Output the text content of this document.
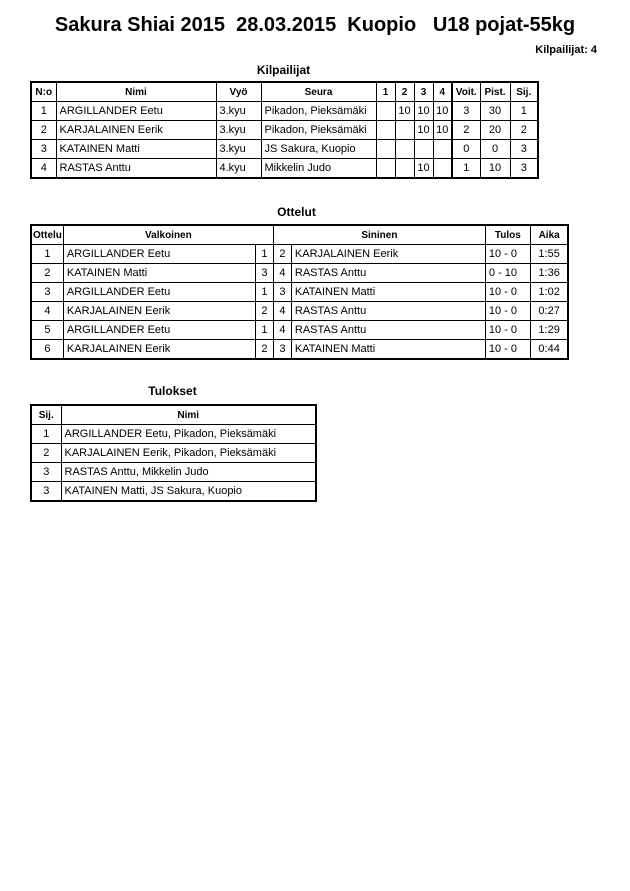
Sakura Shiai 2015  28.03.2015  Kuopio   U18 pojat-55kg
Kilpailijat: 4
Kilpailijat
N:o	Nimi	Vyö	Seura	1	2	3	4	Voit.	Pist.	Sij.
1	ARGILLANDER Eetu	3.kyu	Pikadon, Pieksämäki		10	10	10	3	30	1
2	KARJALAINEN Eerik	3.kyu	Pikadon, Pieksämäki			10	10	2	20	2
3	KATAINEN Matti	3.kyu	JS Sakura, Kuopio					0	0	3
4	RASTAS Anttu	4.kyu	Mikkelin Judo			10		1	10	3
Ottelut
Ottelu	Valkoinen		Sininen		Tulos	Aika
1	ARGILLANDER Eetu	1	2	KARJALAINEN Eerik	10 - 0	1:55
2	KATAINEN Matti	3	4	RASTAS Anttu	0 - 10	1:36
3	ARGILLANDER Eetu	1	3	KATAINEN Matti	10 - 0	1:02
4	KARJALAINEN Eerik	2	4	RASTAS Anttu	10 - 0	0:27
5	ARGILLANDER Eetu	1	4	RASTAS Anttu	10 - 0	1:29
6	KARJALAINEN Eerik	2	3	KATAINEN Matti	10 - 0	0:44
Tulokset
Sij.	Nimi
1	ARGILLANDER Eetu, Pikadon, Pieksämäki
2	KARJALAINEN Eerik, Pikadon, Pieksämäki
3	RASTAS Anttu, Mikkelin Judo
3	KATAINEN Matti, JS Sakura, Kuopio
